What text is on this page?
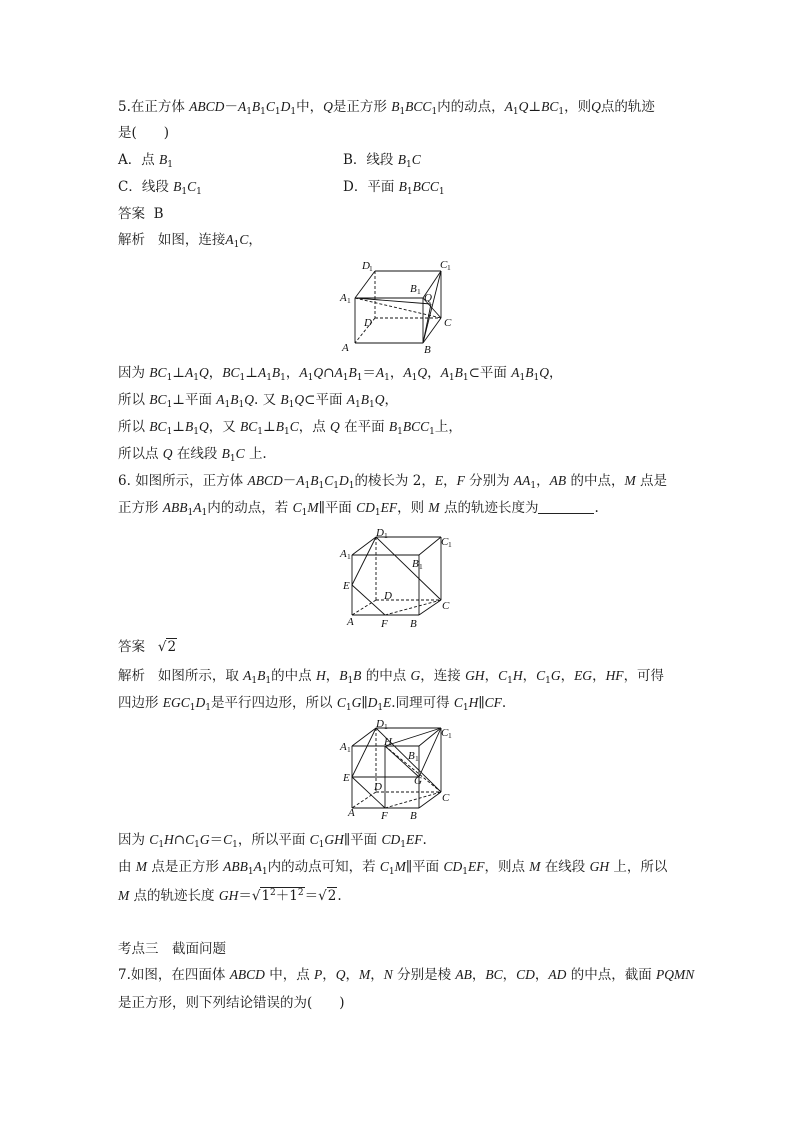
5.在正方体 $ABCD-A_1B_1C_1D_1$中，Q是正方形 $B_1BCC_1$内的动点，$A_1Q\perp BC_1$，则Q点的轨迹
是(　　)
A．点 $B_1$	B．线段 $B_1C$
C．线段 $B_1C_1$	D．平面 $B_1BCC_1$
答案 B
解析 如图，连接$A_1C$，
D 1	C 1
A 1
B 1
Q
D	C
A	B
因为 $BC_1\perp A_1Q$，$BC_1\perp A_1B_1$，$A_1Q\cap A_1B_1=A_1$，$A_1Q$，$A_1B_1\subset$平面 $A_1B_1Q$，
所以 $BC_1\perp$平面 $A_1B_1Q$. 又 $B_1Q\subset$平面 $A_1B_1Q$，
所以 $BC_1\perp B_1Q$，又 $BC_1\perp B_1C$，点 Q 在平面 $B_1BCC_1$上，
所以点 Q 在线段 $B_1C$ 上.
6. 如图所示，正方体 $ABCD-A_1B_1C_1D_1$的棱长为 2，E，F 分别为 $AA_1$，AB 的中点，M 点是
正方形 $ABB_1A_1$内的动点，若 $C_1M\parallel$平面 $CD_1EF$，则 M 点的轨迹长度为	.
D 1
C 1
A 1
B 1
E
D
C
A F B
答案 √2
解析 如图所示，取 $A_1B_1$的中点 H，$B_1B$ 的中点 G，连接 GH，$C_1H$，$C_1G$，EG，HF，可得
四边形 $EGC_1D_1$是平行四边形，所以 $C_1G\parallel D_1E$.同理可得 $C_1H\parallel CF$.
D 1
C 1
A 1
H
B 1
E	G
D
C
A F B
因为 $C_1H\cap C_1G=C_1$，所以平面 $C_1GH\parallel$平面 $CD_1EF$.
由 M 点是正方形 $ABB_1A_1$内的动点可知，若 $C_1M\parallel$平面 $CD_1EF$，则点 M 在线段 GH 上，所以
M 点的轨迹长度 $GH=√1^2+1^2=√2$.
考点三　截面问题
7.如图，在四面体 ABCD 中，点 P，Q，M，N 分别是棱 AB，BC，CD，AD 的中点，截面 PQMN
是正方形，则下列结论错误的为(　　)
